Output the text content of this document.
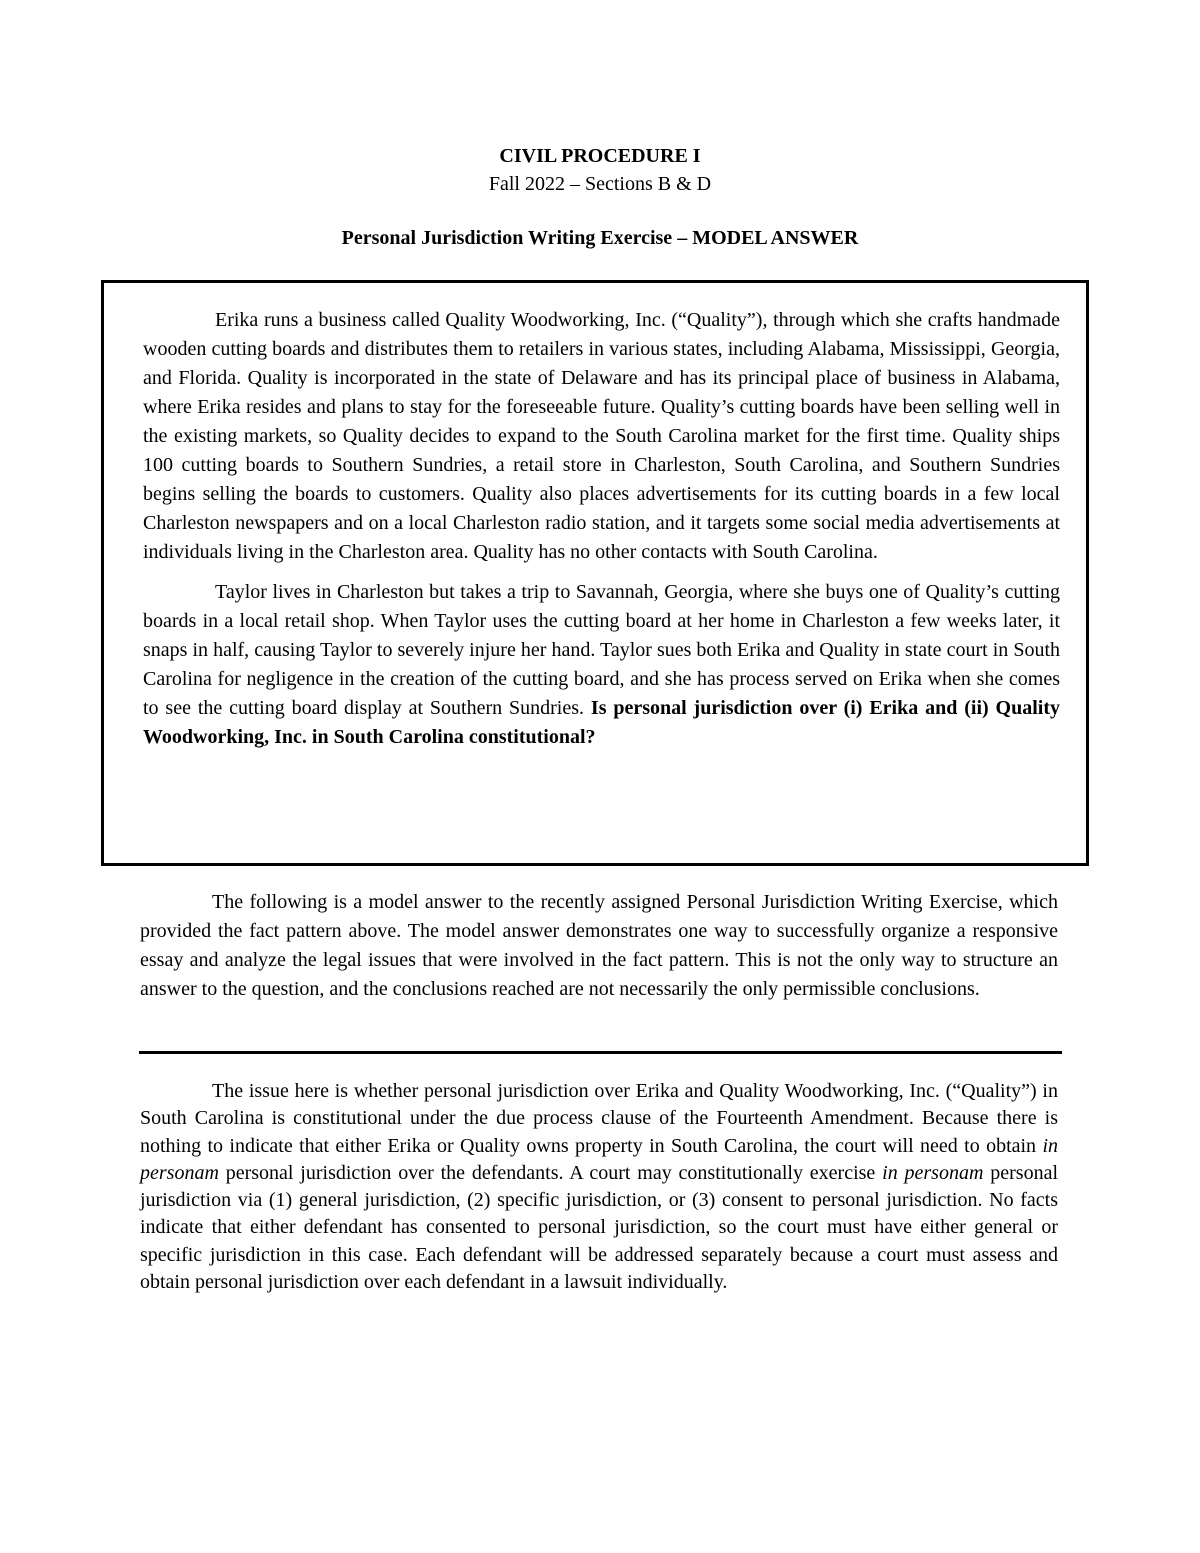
CIVIL PROCEDURE I
Fall 2022 – Sections B & D
Personal Jurisdiction Writing Exercise – MODEL ANSWER

Erika runs a business called Quality Woodworking, Inc. (“Quality”), through which she crafts handmade wooden cutting boards and distributes them to retailers in various states, including Alabama, Mississippi, Georgia, and Florida. Quality is incorporated in the state of Delaware and has its principal place of business in Alabama, where Erika resides and plans to stay for the foreseeable future. Quality’s cutting boards have been selling well in the existing markets, so Quality decides to expand to the South Carolina market for the first time. Quality ships 100 cutting boards to Southern Sundries, a retail store in Charleston, South Carolina, and Southern Sundries begins selling the boards to customers. Quality also places advertisements for its cutting boards in a few local Charleston newspapers and on a local Charleston radio station, and it targets some social media advertisements at individuals living in the Charleston area. Quality has no other contacts with South Carolina.

Taylor lives in Charleston but takes a trip to Savannah, Georgia, where she buys one of Quality’s cutting boards in a local retail shop. When Taylor uses the cutting board at her home in Charleston a few weeks later, it snaps in half, causing Taylor to severely injure her hand. Taylor sues both Erika and Quality in state court in South Carolina for negligence in the creation of the cutting board, and she has process served on Erika when she comes to see the cutting board display at Southern Sundries. Is personal jurisdiction over (i) Erika and (ii) Quality Woodworking, Inc. in South Carolina constitutional?

The following is a model answer to the recently assigned Personal Jurisdiction Writing Exercise, which provided the fact pattern above. The model answer demonstrates one way to successfully organize a responsive essay and analyze the legal issues that were involved in the fact pattern. This is not the only way to structure an answer to the question, and the conclusions reached are not necessarily the only permissible conclusions.

The issue here is whether personal jurisdiction over Erika and Quality Woodworking, Inc. (“Quality”) in South Carolina is constitutional under the due process clause of the Fourteenth Amendment. Because there is nothing to indicate that either Erika or Quality owns property in South Carolina, the court will need to obtain in personam personal jurisdiction over the defendants. A court may constitutionally exercise in personam personal jurisdiction via (1) general jurisdiction, (2) specific jurisdiction, or (3) consent to personal jurisdiction. No facts indicate that either defendant has consented to personal jurisdiction, so the court must have either general or specific jurisdiction in this case. Each defendant will be addressed separately because a court must assess and obtain personal jurisdiction over each defendant in a lawsuit individually.
